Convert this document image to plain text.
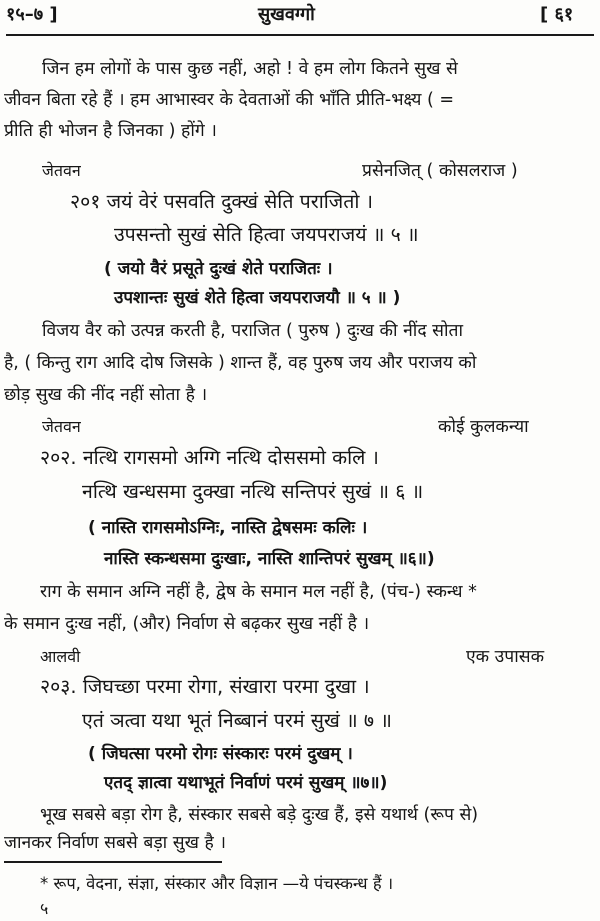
१५–७ ]	सुखवग्गो	[ ६१
जिन हम लोगों के पास कुछ नहीं, अहो ! वे हम लोग कितने सुख से
जीवन बिता रहे हैं । हम आभास्वर के देवताओं की भाँति प्रीति-भक्ष्य ( =
प्रीति ही भोजन है जिनका ) होंगे ।
जेतवन	प्रसेनजित् ( कोसलराज )
२०१ जयं वेरं पसवति दुक्खं सेति पराजितो ।
उपसन्तो सुखं सेति हित्वा जयपराजयं ॥ ५ ॥
( जयो वैरं प्रसूते दुःखं शेते पराजितः ।
उपशान्तः सुखं शेते हित्वा जयपराजयौ ॥ ५ ॥ )
विजय वैर को उत्पन्न करती है, पराजित ( पुरुष ) दुःख की नींद सोता
है, ( किन्तु राग आदि दोष जिसके ) शान्त हैं, वह पुरुष जय और पराजय को
छोड़ सुख की नींद नहीं सोता है ।
जेतवन	कोई कुलकन्या
२०२. नत्थि रागसमो अग्गि नत्थि दोससमो कलि ।
नत्थि खन्धसमा दुक्खा नत्थि सन्तिपरं सुखं ॥ ६ ॥
( नास्ति रागसमोऽग्निः, नास्ति द्वेषसमः कलिः ।
नास्ति स्कन्धसमा दुःखाः, नास्ति शान्तिपरं सुखम् ॥६॥)
राग के समान अग्नि नहीं है, द्वेष के समान मल नहीं है, (पंच-) स्कन्ध *
के समान दुःख नहीं, (और) निर्वाण से बढ़कर सुख नहीं है ।
आलवी	एक उपासक
२०३. जिघच्छा परमा रोगा, संखारा परमा दुखा ।
एतं ञत्वा यथा भूतं निब्बानं परमं सुखं ॥ ७ ॥
( जिघत्सा परमो रोगः संस्कारः परमं दुखम् ।
एतद् ज्ञात्वा यथाभूतं निर्वाणं परमं सुखम् ॥७॥)
भूख सबसे बड़ा रोग है, संस्कार सबसे बड़े दुःख हैं, इसे यथार्थ (रूप से)
जानकर निर्वाण सबसे बड़ा सुख है ।
* रूप, वेदना, संज्ञा, संस्कार और विज्ञान —ये पंचस्कन्ध हैं ।
५
